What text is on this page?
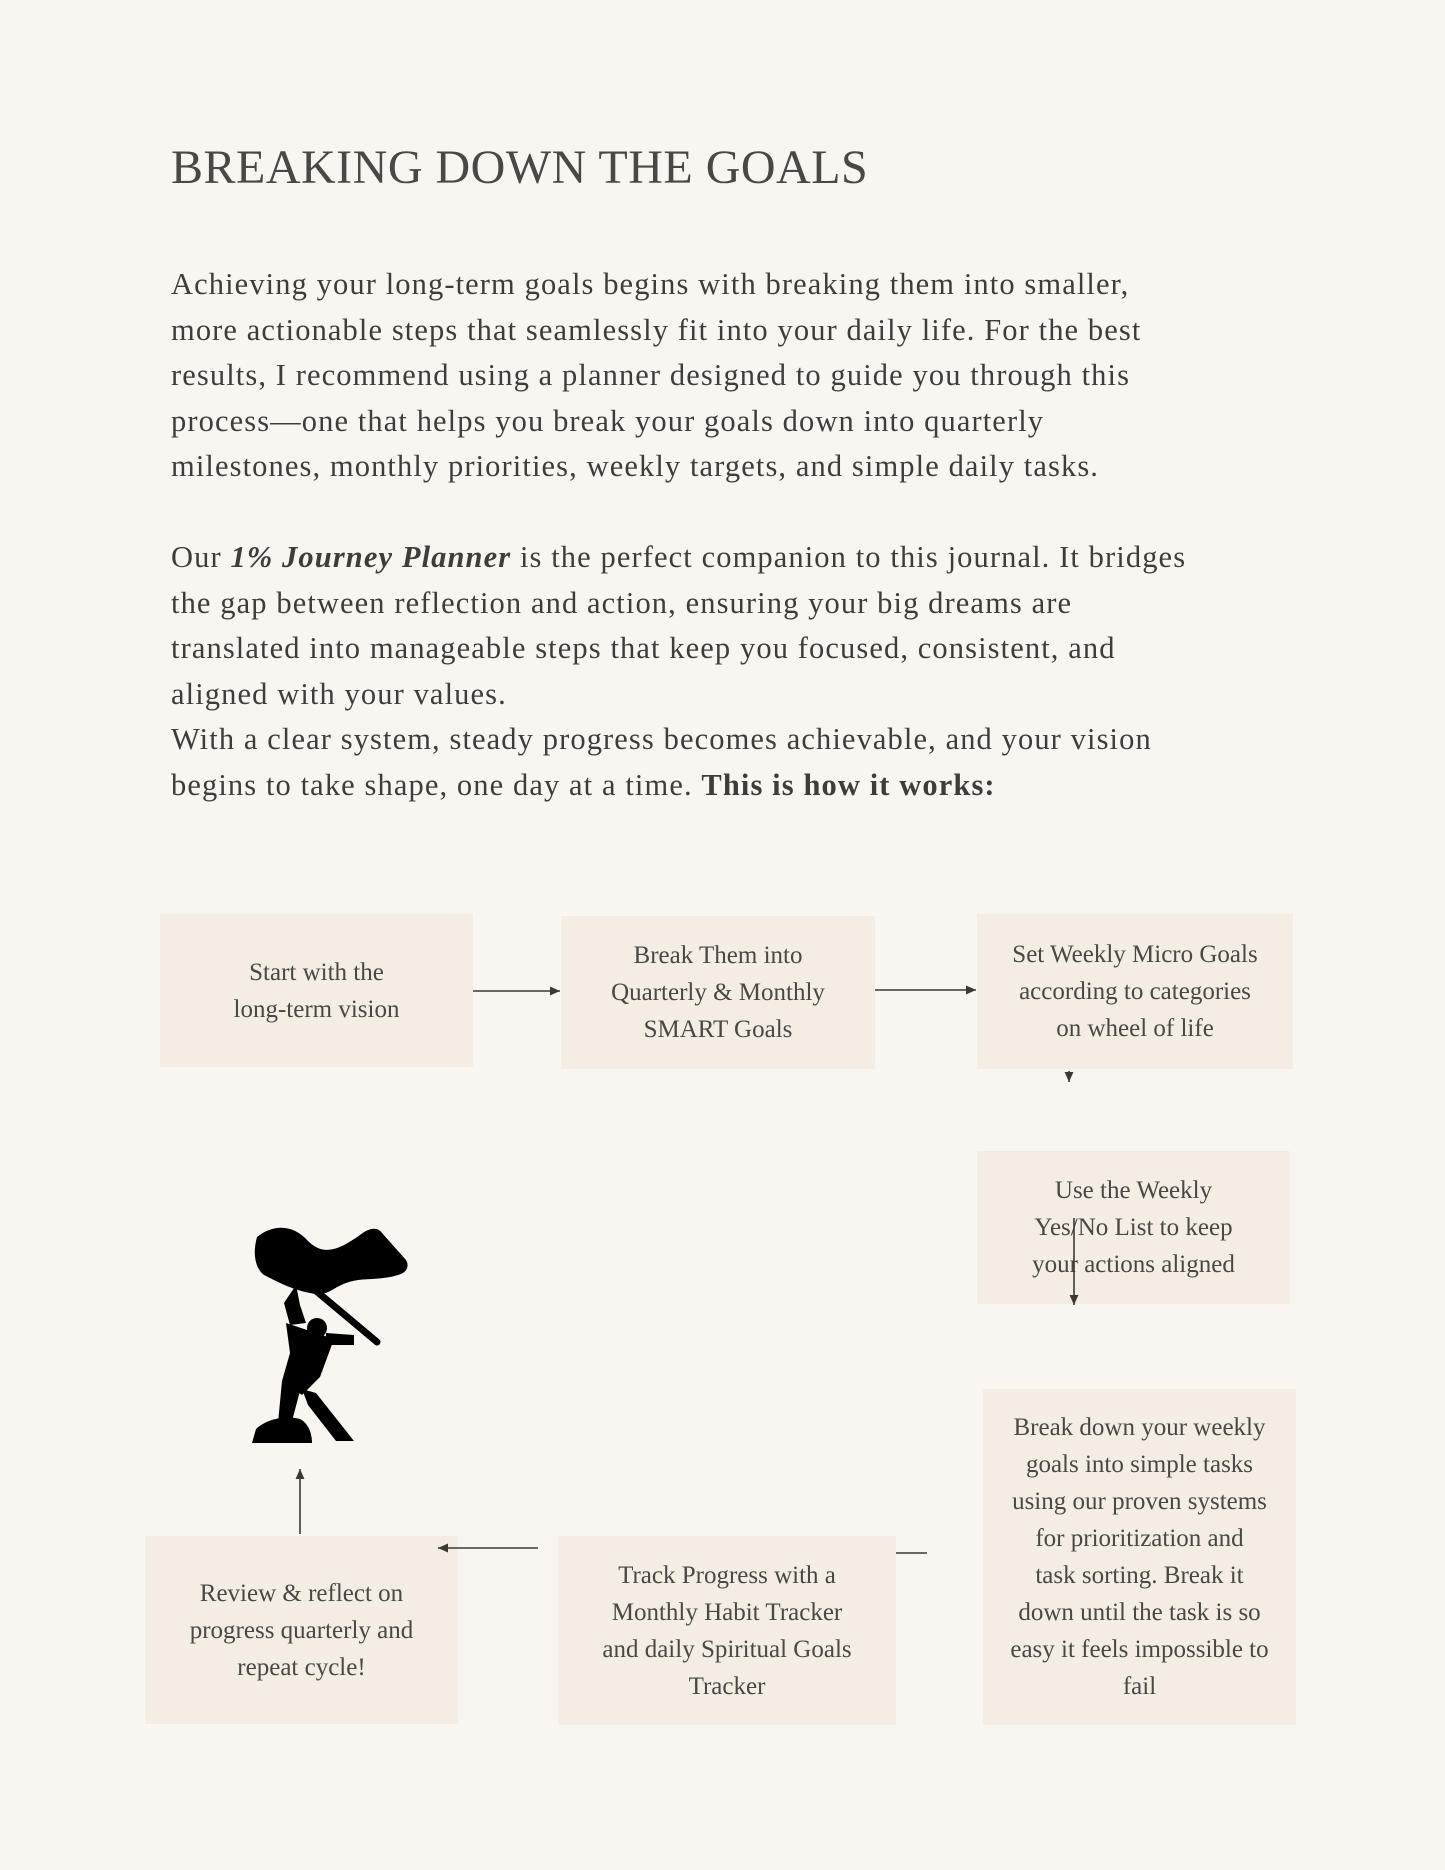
BREAKING DOWN THE GOALS

Achieving your long-term goals begins with breaking them into smaller,
more actionable steps that seamlessly fit into your daily life. For the best
results, I recommend using a planner designed to guide you through this
process—one that helps you break your goals down into quarterly
milestones, monthly priorities, weekly targets, and simple daily tasks.

Our 1% Journey Planner is the perfect companion to this journal. It bridges
the gap between reflection and action, ensuring your big dreams are
translated into manageable steps that keep you focused, consistent, and
aligned with your values.

With a clear system, steady progress becomes achievable, and your vision
begins to take shape, one day at a time. This is how it works:

Start with the
long-term vision
Break Them into
Quarterly & Monthly
SMART Goals
Set Weekly Micro Goals
according to categories
on wheel of life
Use the Weekly
Yes/No List to keep
your actions aligned
Break down your weekly
goals into simple tasks
using our proven systems
for prioritization and
task sorting. Break it
down until the task is so
easy it feels impossible to
fail
Track Progress with a
Monthly Habit Tracker
and daily Spiritual Goals
Tracker
Review & reflect on
progress quarterly and
repeat cycle!
